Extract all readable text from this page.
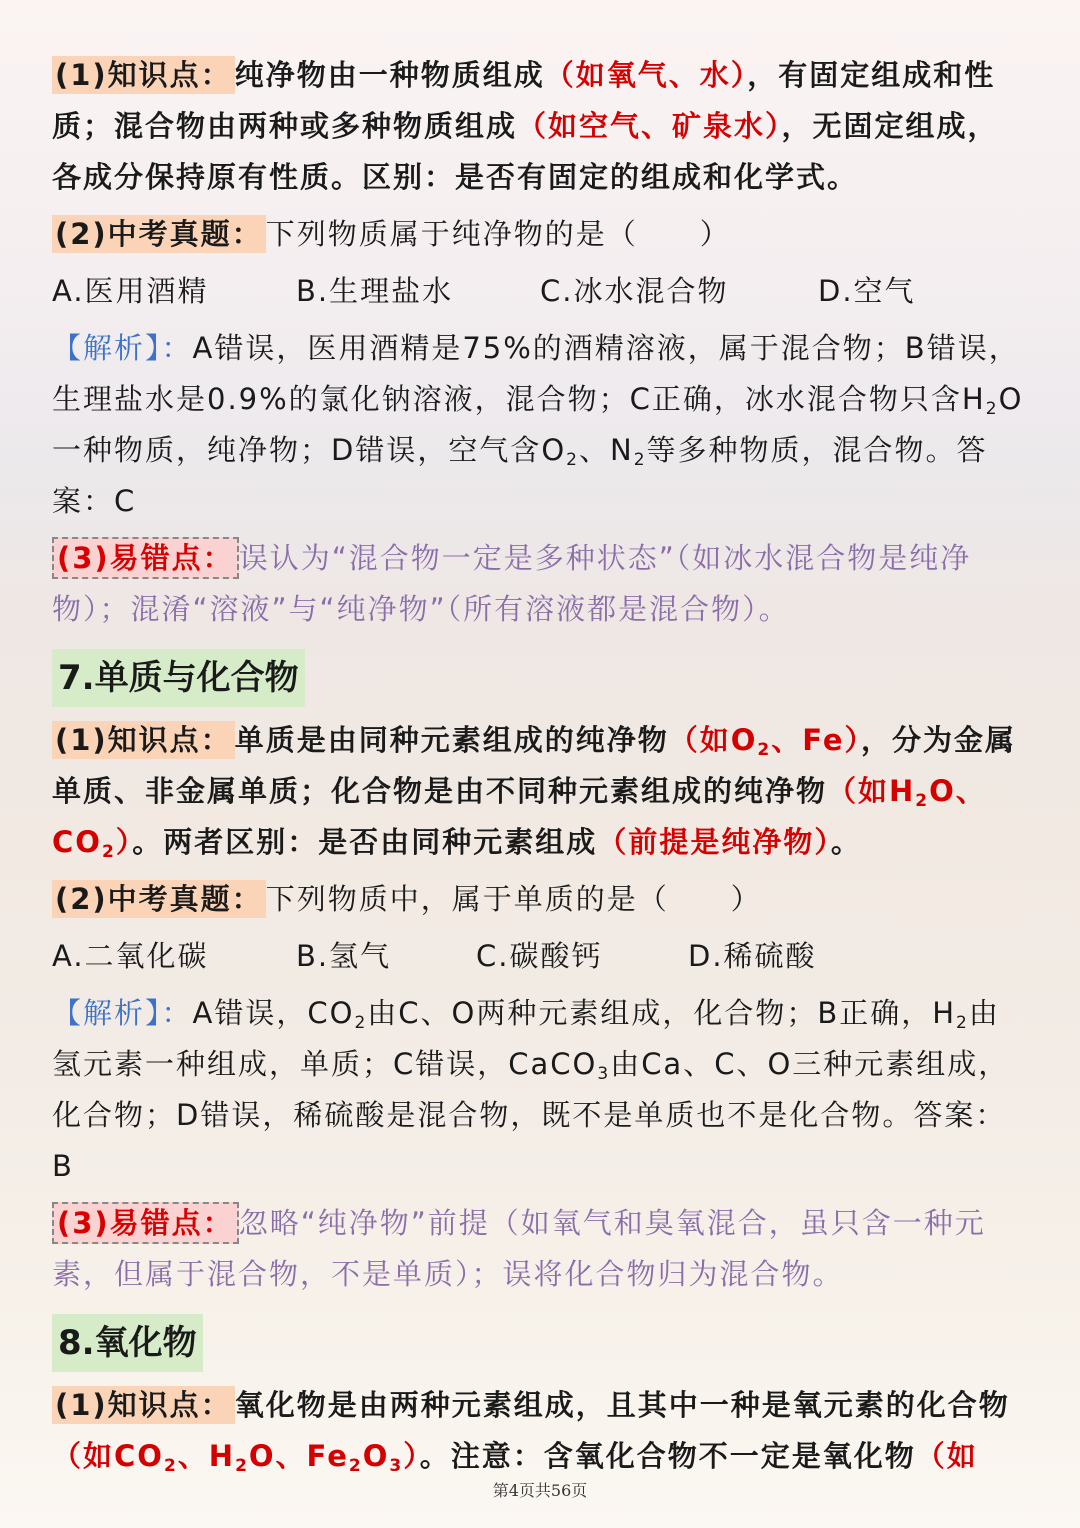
(1)知识点： 纯净物由一种物质组成（如氧气、水），有固定组成和性质；混合物由两种或多种物质组成（如空气、矿泉水），无固定组成，各成分保持原有性质。区别：是否有固定的组成和化学式。

(2)中考真题： 下列物质属于纯净物的是（　　）

A.医用酒精	B.生理盐水	C.冰水混合物	D.空气

【解析】：A错误，医用酒精是75%的酒精溶液，属于混合物；B错误，生理盐水是0.9%的氯化钠溶液，混合物；C正确，冰水混合物只含$H_2O$一种物质，纯净物；D错误，空气含$O_2$、$N_2$等多种物质，混合物。答案：C

(3)易错点： 误认为“混合物一定是多种状态”（如冰水混合物是纯净物）；混淆“溶液”与“纯净物”（所有溶液都是混合物）。

7.单质与化合物

(1)知识点： 单质是由同种元素组成的纯净物（如$O_2$、Fe），分为金属单质、非金属单质；化合物是由不同种元素组成的纯净物（如$H_2O$、$CO_2$）。两者区别：是否由同种元素组成（前提是纯净物）。

(2)中考真题： 下列物质中，属于单质的是（　　）

A.二氧化碳	B.氢气	C.碳酸钙	D.稀硫酸

【解析】：A错误，$CO_2$由C、O两种元素组成，化合物；B正确，$H_2$由氢元素一种组成，单质；C错误，CaCO$_3$由Ca、C、O三种元素组成，化合物；D错误，稀硫酸是混合物，既不是单质也不是化合物。答案：B

(3)易错点： 忽略“纯净物”前提（如氧气和臭氧混合，虽只含一种元素，但属于混合物，不是单质）；误将化合物归为混合物。

8.氧化物

(1)知识点： 氧化物是由两种元素组成，且其中一种是氧元素的化合物（如$CO_2$、$H_2O$、$Fe_2O_3$）。注意：含氧化合物不一定是氧化物（如

第4页共56页
